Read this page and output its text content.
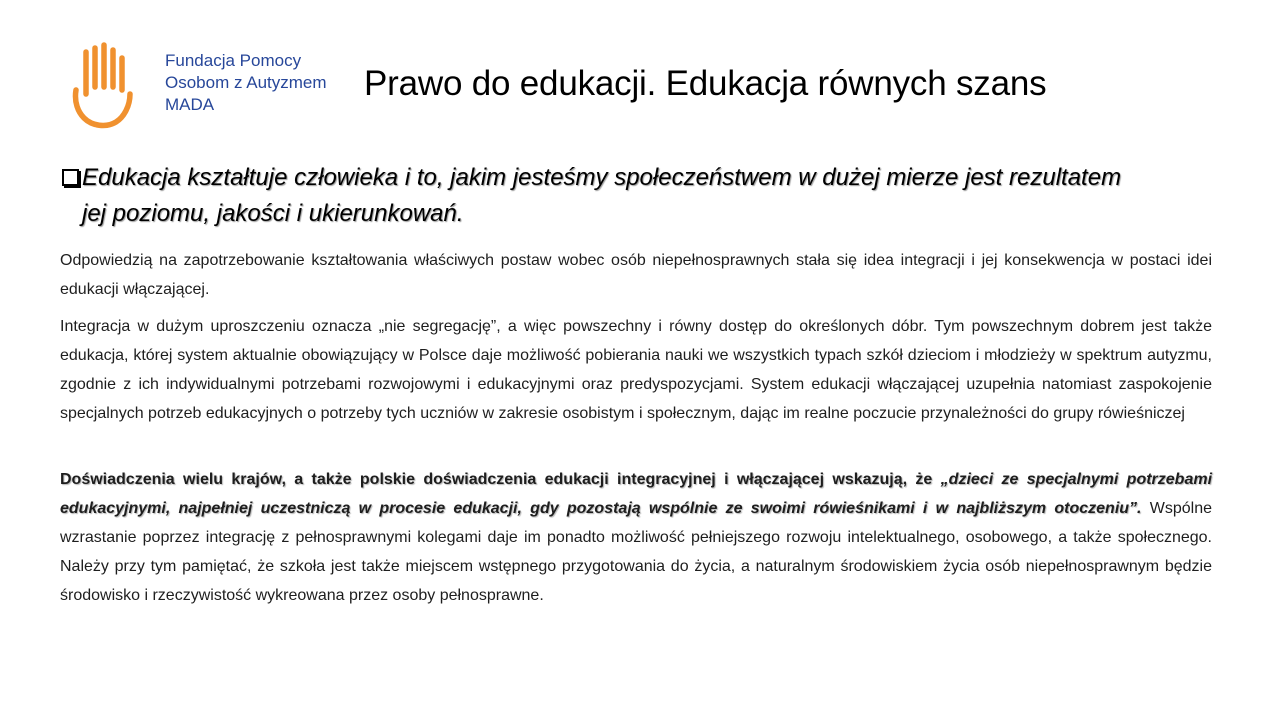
Fundacja Pomocy
Osobom z Autyzmem
MADA
Prawo do edukacji. Edukacja równych szans
Edukacja kształtuje człowieka i to, jakim jesteśmy społeczeństwem w dużej mierze jest rezultatem
jej poziomu, jakości i ukierunkowań.

Odpowiedzią na zapotrzebowanie kształtowania właściwych postaw wobec osób niepełnosprawnych stała się idea integracji i jej konsekwencja w postaci idei edukacji włączającej.

Integracja w dużym uproszczeniu oznacza „nie segregację”, a więc powszechny i równy dostęp do określonych dóbr. Tym powszechnym dobrem jest także edukacja, której system aktualnie obowiązujący w Polsce daje możliwość pobierania nauki we wszystkich typach szkół dzieciom i młodzieży w spektrum autyzmu, zgodnie z ich indywidualnymi potrzebami rozwojowymi i edukacyjnymi oraz predyspozycjami. System edukacji włączającej uzupełnia natomiast zaspokojenie specjalnych potrzeb edukacyjnych o potrzeby tych uczniów w zakresie osobistym i społecznym, dając im realne poczucie przynależności do grupy rówieśniczej

Doświadczenia wielu krajów, a także polskie doświadczenia edukacji integracyjnej i włączającej wskazują, że „dzieci ze specjalnymi potrzebami edukacyjnymi, najpełniej uczestniczą w procesie edukacji, gdy pozostają wspólnie ze swoimi rówieśnikami i w najbliższym otoczeniu”. Wspólne wzrastanie poprzez integrację z pełnosprawnymi kolegami daje im ponadto możliwość pełniejszego rozwoju intelektualnego, osobowego, a także społecznego. Należy przy tym pamiętać, że szkoła jest także miejscem wstępnego przygotowania do życia, a naturalnym środowiskiem życia osób niepełnosprawnym będzie środowisko i rzeczywistość wykreowana przez osoby pełnosprawne.
